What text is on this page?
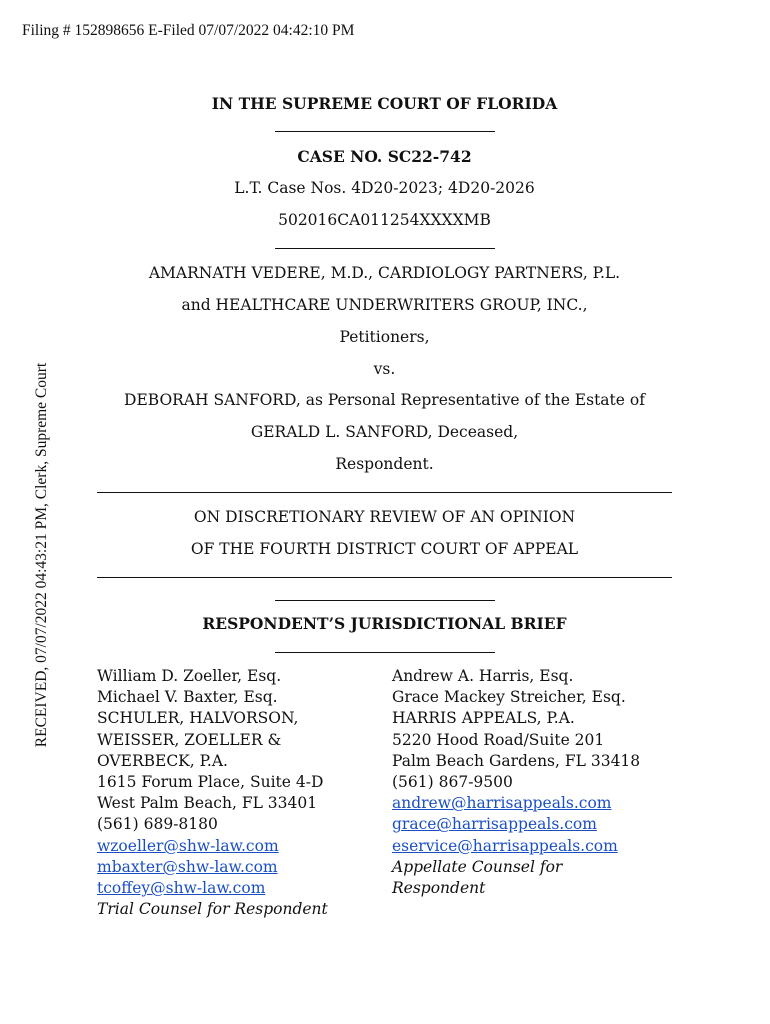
Filing # 152898656 E-Filed 07/07/2022 04:42:10 PM
RECEIVED, 07/07/2022 04:43:21 PM, Clerk, Supreme Court
IN THE SUPREME COURT OF FLORIDA
CASE NO. SC22-742
L.T. Case Nos. 4D20-2023; 4D20-2026
502016CA011254XXXXMB
AMARNATH VEDERE, M.D., CARDIOLOGY PARTNERS, P.L.
and HEALTHCARE UNDERWRITERS GROUP, INC.,
Petitioners,
vs.
DEBORAH SANFORD, as Personal Representative of the Estate of
GERALD L. SANFORD, Deceased,
Respondent.
ON DISCRETIONARY REVIEW OF AN OPINION
OF THE FOURTH DISTRICT COURT OF APPEAL
RESPONDENT’S JURISDICTIONAL BRIEF
William D. Zoeller, Esq.
Michael V. Baxter, Esq.
SCHULER, HALVORSON,
WEISSER, ZOELLER &
OVERBECK, P.A.
1615 Forum Place, Suite 4-D
West Palm Beach, FL 33401
(561) 689-8180
wzoeller@shw-law.com
mbaxter@shw-law.com
tcoffey@shw-law.com
Trial Counsel for Respondent
Andrew A. Harris, Esq.
Grace Mackey Streicher, Esq.
HARRIS APPEALS, P.A.
5220 Hood Road/Suite 201
Palm Beach Gardens, FL 33418
(561) 867-9500
andrew@harrisappeals.com
grace@harrisappeals.com
eservice@harrisappeals.com
Appellate Counsel for
Respondent
